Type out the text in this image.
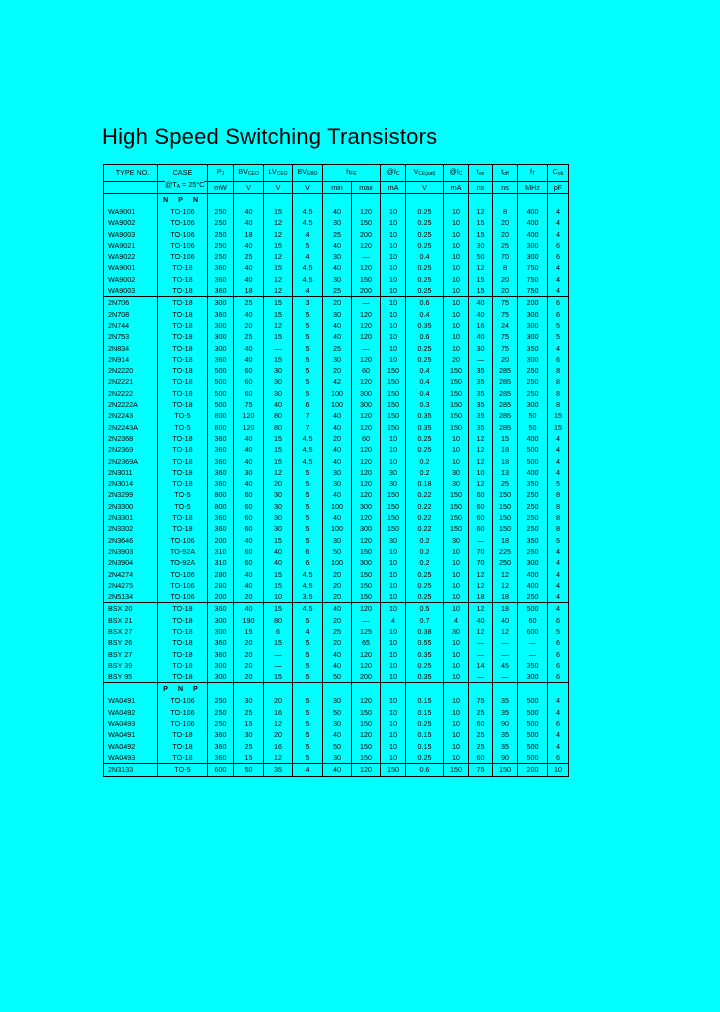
High Speed Switching Transistors
TYPE NO.	CASE	$P_J$	$BV_{CEO}$	$LV_{CEO}$	$BV_{EBO}$	$h_{FE}$		$@I_C$	$V_{CE(sat)}$	$@I_C$	$t_{on}$	$t_{off}$	$f_T$	$C_{ob}$
		mW	V	V	V	min	max	mA	V	mA	ns	ns	MHz	pF
	N P N													
WA9001	TO-106	250	40	15	4.5	40	120	10	0.25	10	12	8	400	4
WA9002	TO-106	250	40	12	4.5	30	150	10	0.25	10	15	20	400	4
WA9003	TO-106	250	18	12	4	25	200	10	0.25	10	15	20	400	4
WA9021	TO-106	250	40	15	5	40	120	10	0.25	10	30	25	300	6
WA9022	TO-106	250	25	12	4	30	—	10	0.4	10	50	70	300	6
WA9001	TO-18	360	40	15	4.5	40	120	10	0.25	10	12	8	750	4
WA9002	TO-18	360	40	12	4.5	30	150	10	0.25	10	15	20	750	4
WA9003	TO-18	360	18	12	4	25	200	10	0.25	10	15	20	750	4
2N706	TO-18	300	25	15	3	20	—	10	0.6	10	40	75	200	6
2N708	TO-18	360	40	15	5	30	120	10	0.4	10	40	75	300	6
2N744	TO-18	300	20	12	5	40	120	10	0.35	10	16	24	300	5
2N753	TO-18	300	25	15	5	40	120	10	0.6	10	40	75	300	5
2N834	TO-18	300	40	—	5	25	—	10	0.25	10	30	75	350	4
2N914	TO-18	360	40	15	5	30	120	10	0.25	20	—	20	300	6
2N2220	TO-18	500	60	30	5	20	60	150	0.4	150	35	285	250	8
2N2221	TO-18	500	60	30	5	42	120	150	0.4	150	35	285	250	8
2N2222	TO-18	500	60	30	5	100	300	150	0.4	150	35	285	250	8
2N2222A	TO-18	500	75	40	6	100	300	150	0.3	150	35	285	300	8
2N2243	TO-5	800	120	80	7	40	120	150	0.35	150	35	285	50	15
2N2243A	TO-5	800	120	80	7	40	120	150	0.35	150	35	285	50	15
2N2368	TO-18	360	40	15	4.5	20	60	10	0.25	10	12	15	400	4
2N2369	TO-18	360	40	15	4.5	40	120	10	0.25	10	12	18	500	4
2N2369A	TO-18	360	40	15	4.5	40	120	10	0.2	10	12	18	500	4
2N3011	TO-18	360	30	12	5	30	120	30	0.2	30	10	13	400	4
2N3014	TO-18	360	40	20	5	30	120	30	0.18	30	12	25	350	5
2N3299	TO-5	800	60	30	5	40	120	150	0.22	150	60	150	250	8
2N3300	TO-5	800	60	30	5	100	300	150	0.22	150	60	150	250	8
2N3301	TO-18	360	60	30	5	40	120	150	0.22	150	60	150	250	8
2N3302	TO-18	360	60	30	5	100	300	150	0.22	150	60	150	250	8
2N3646	TO-106	200	40	15	5	30	120	30	0.2	30	—	18	350	5
2N3903	TO-92A	310	60	40	6	50	150	10	0.2	10	70	225	250	4
2N3904	TO-92A	310	60	40	6	100	300	10	0.2	10	70	250	300	4
2N4274	TO-106	280	40	15	4.5	20	150	10	0.25	10	12	12	400	4
2N4275	TO-106	280	40	15	4.5	20	150	10	0.25	10	12	12	400	4
2N5134	TO-106	200	20	10	3.5	20	150	10	0.25	10	18	18	250	4
BSX 20	TO-18	360	40	15	4.5	40	120	10	0.5	10	12	18	500	4
BSX 21	TO-18	300	190	80	5	20	—	4	0.7	4	40	40	60	6
BSX 27	TO-18	300	15	6	4	25	125	10	0.38	30	12	12	600	5
BSY 26	TO-18	360	20	15	5	20	65	10	0.55	10	—	—	—	6
BSY 27	TO-18	360	20	—	5	40	120	10	0.35	10	—	—	—	6
BSY 39	TO-18	300	20	—	5	40	120	10	0.25	10	14	45	350	6
BSY 95	TO-18	300	20	15	5	50	200	10	0.35	10	—	—	300	6
	P N P													
WA0491	TO-106	250	30	20	5	30	120	10	0.15	10	75	35	500	4
WA0492	TO-106	250	25	16	5	50	150	10	0.15	10	25	35	500	4
WA0493	TO-106	250	15	12	5	30	150	10	0.25	10	60	90	500	6
WA0491	TO-18	360	30	20	5	40	120	10	0.15	10	25	35	500	4
WA0492	TO-18	360	25	16	5	50	150	10	0.15	10	25	35	500	4
WA0493	TO-18	360	15	12	5	30	150	10	0.25	10	60	90	500	6
2N3133	TO-5	600	50	35	4	40	120	150	0.6	150	75	150	200	10
$@T_A = 25^\circ C$
